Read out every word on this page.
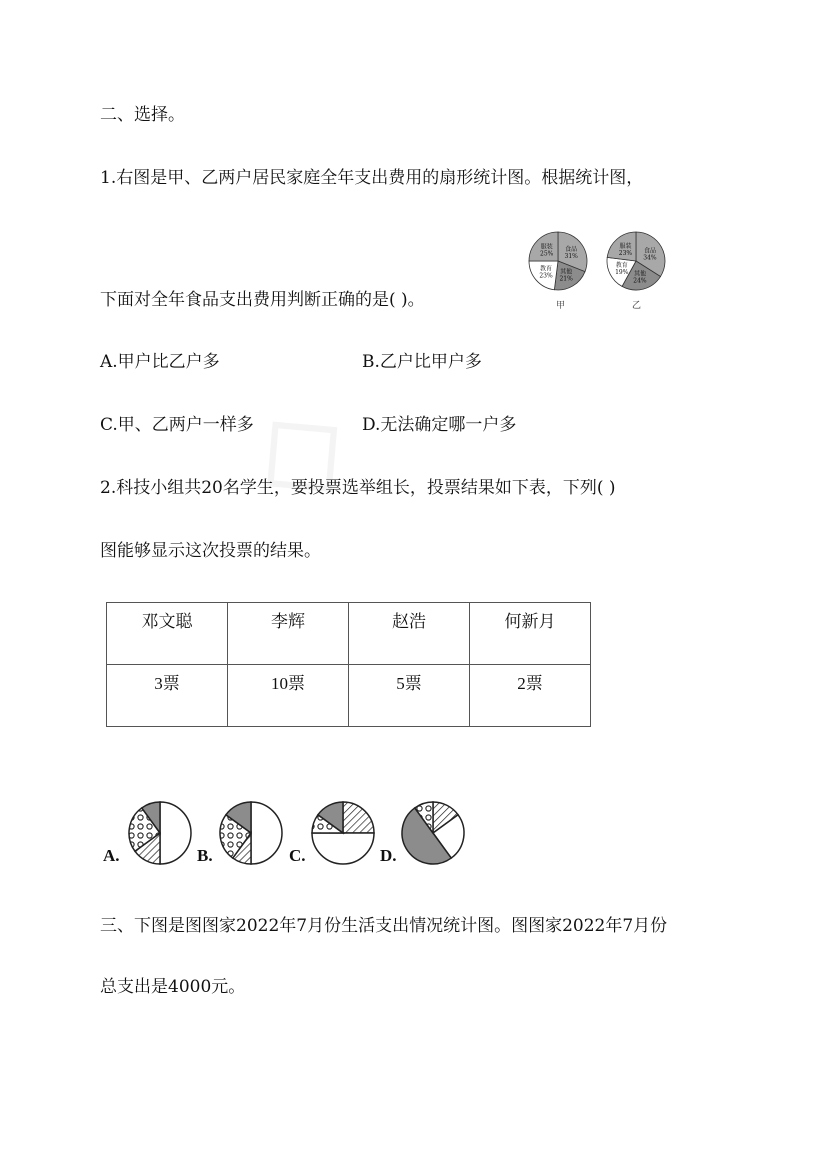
二、选择。
1.右图是甲、乙两户居民家庭全年支出费用的扇形统计图。根据统计图，
食品
31%
其他
21%
教育
23%
服装
25%
甲
食品
34%
其他
24%
教育
19%
服装
23%
乙
下面对全年食品支出费用判断正确的是( )。
A.甲户比乙户多	B.乙户比甲户多
C.甲、乙两户一样多	D.无法确定哪一户多
2.科技小组共20名学生，要投票选举组长，投票结果如下表，下列( )
图能够显示这次投票的结果。
邓文聪	李辉	赵浩	何新月
3票	10票	5票	2票
A.	B.	C.	D.
三、下图是图图家2022年7月份生活支出情况统计图。图图家2022年7月份
总支出是4000元。
